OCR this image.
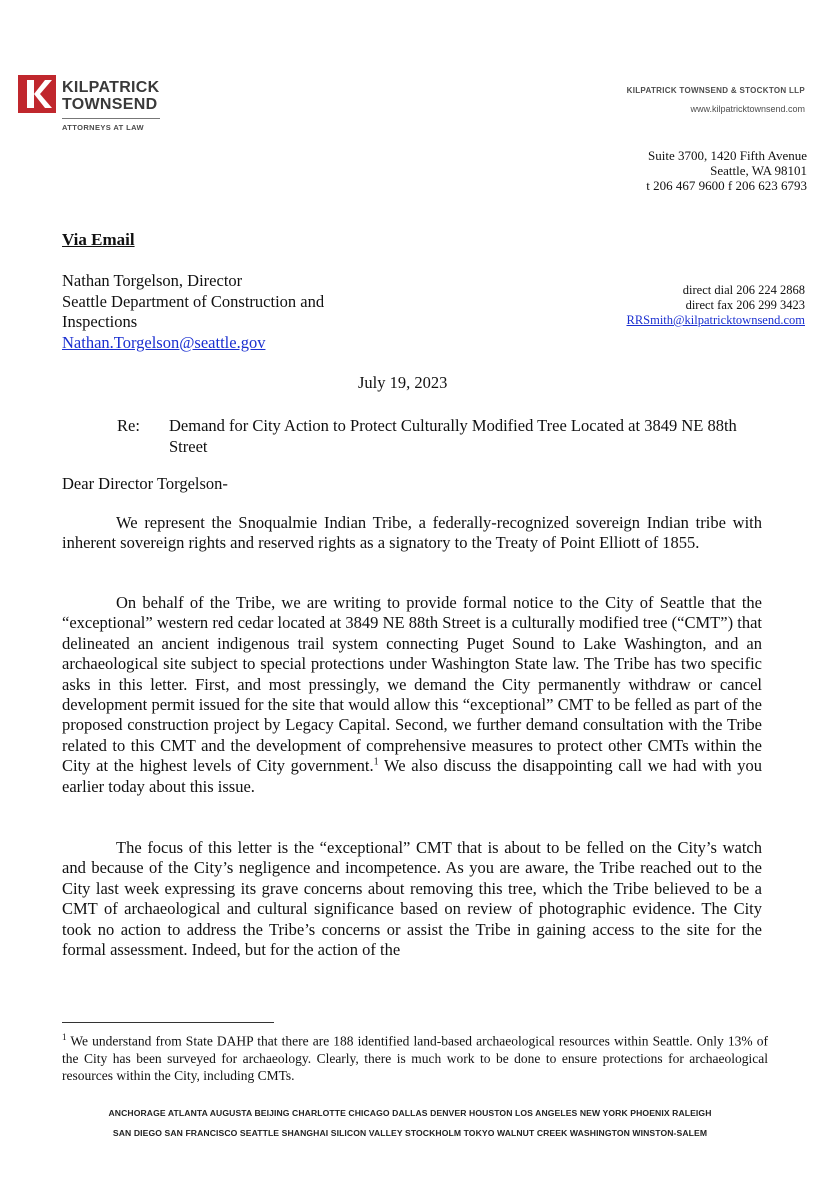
KILPATRICK
TOWNSEND
ATTORNEYS AT LAW
KILPATRICK TOWNSEND & STOCKTON LLP
www.kilpatricktownsend.com
Suite 3700, 1420 Fifth Avenue
Seattle, WA 98101
t 206 467 9600 f 206 623 6793
Via Email
Nathan Torgelson, Director
Seattle Department of Construction and
Inspections
Nathan.Torgelson@seattle.gov
direct dial 206 224 2868
direct fax 206 299 3423
RRSmith@kilpatricktownsend.com
July 19, 2023
Re: Demand for City Action to Protect Culturally Modified Tree Located at 3849 NE 88th Street
Dear Director Torgelson-

We represent the Snoqualmie Indian Tribe, a federally-recognized sovereign Indian tribe with inherent sovereign rights and reserved rights as a signatory to the Treaty of Point Elliott of 1855.

On behalf of the Tribe, we are writing to provide formal notice to the City of Seattle that the “exceptional” western red cedar located at 3849 NE 88th Street is a culturally modified tree (“CMT”) that delineated an ancient indigenous trail system connecting Puget Sound to Lake Washington, and an archaeological site subject to special protections under Washington State law. The Tribe has two specific asks in this letter. First, and most pressingly, we demand the City permanently withdraw or cancel development permit issued for the site that would allow this “exceptional” CMT to be felled as part of the proposed construction project by Legacy Capital. Second, we further demand consultation with the Tribe related to this CMT and the development of comprehensive measures to protect other CMTs within the City at the highest levels of City government.$^1$ We also discuss the disappointing call we had with you earlier today about this issue.

The focus of this letter is the “exceptional” CMT that is about to be felled on the City’s watch and because of the City’s negligence and incompetence. As you are aware, the Tribe reached out to the City last week expressing its grave concerns about removing this tree, which the Tribe believed to be a CMT of archaeological and cultural significance based on review of photographic evidence. The City took no action to address the Tribe’s concerns or assist the Tribe in gaining access to the site for the formal assessment. Indeed, but for the action of the

$^1$ We understand from State DAHP that there are 188 identified land-based archaeological resources within Seattle. Only 13% of the City has been surveyed for archaeology. Clearly, there is much work to be done to ensure protections for archaeological resources within the City, including CMTs.

ANCHORAGE ATLANTA AUGUSTA BEIJING CHARLOTTE CHICAGO DALLAS DENVER HOUSTON LOS ANGELES NEW YORK PHOENIX RALEIGH
SAN DIEGO SAN FRANCISCO SEATTLE SHANGHAI SILICON VALLEY STOCKHOLM TOKYO WALNUT CREEK WASHINGTON WINSTON-SALEM
